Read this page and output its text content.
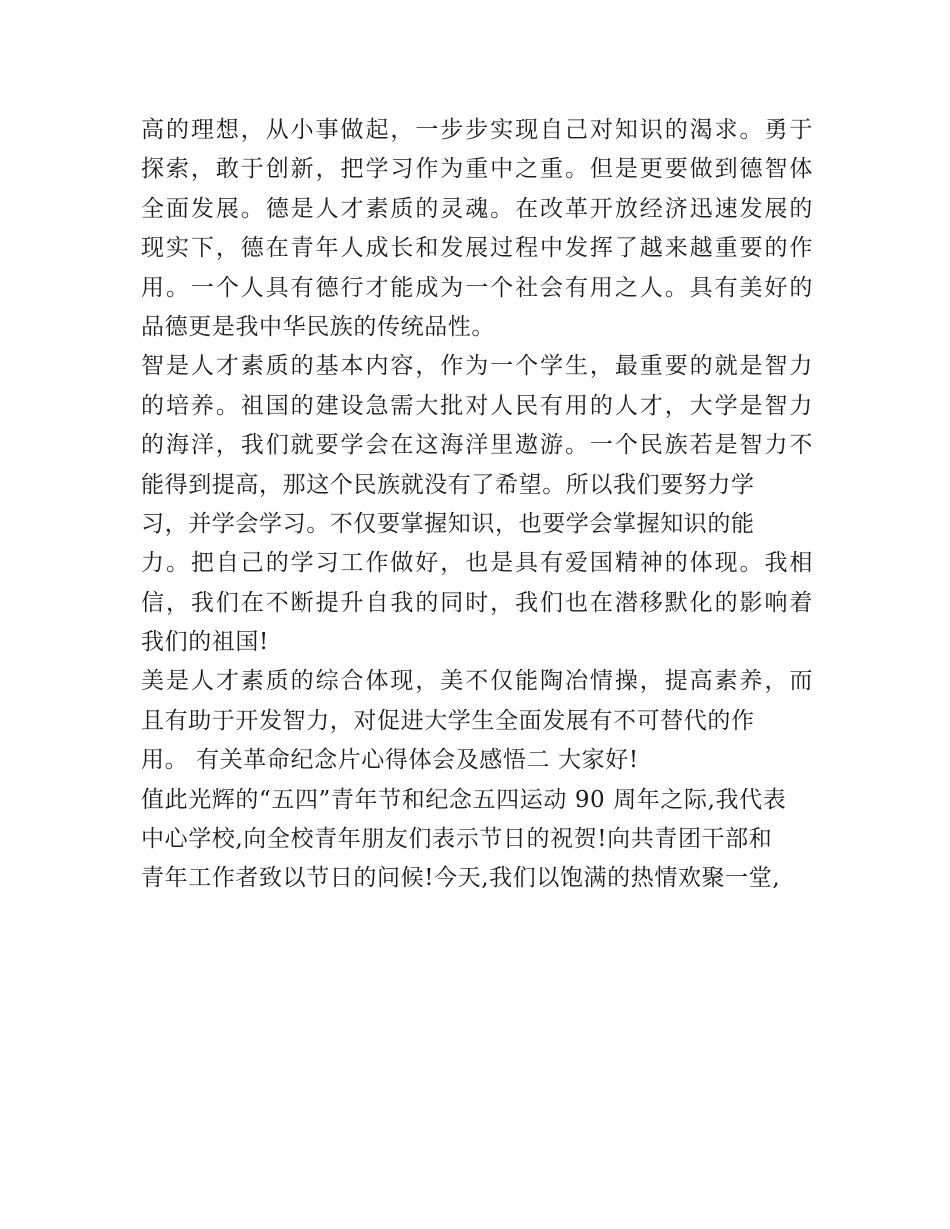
高的理想，从小事做起，一步步实现自己对知识的渴求。勇于
探索，敢于创新，把学习作为重中之重。但是更要做到德智体
全面发展。德是人才素质的灵魂。在改革开放经济迅速发展的
现实下，德在青年人成长和发展过程中发挥了越来越重要的作
用。一个人具有德行才能成为一个社会有用之人。具有美好的
品德更是我中华民族的传统品性。
智是人才素质的基本内容，作为一个学生，最重要的就是智力
的培养。祖国的建设急需大批对人民有用的人才，大学是智力
的海洋，我们就要学会在这海洋里遨游。一个民族若是智力不
能得到提高，那这个民族就没有了希望。所以我们要努力学
习，并学会学习。不仅要掌握知识，也要学会掌握知识的能
力。把自己的学习工作做好，也是具有爱国精神的体现。我相
信，我们在不断提升自我的同时，我们也在潜移默化的影响着
我们的祖国!
美是人才素质的综合体现，美不仅能陶冶情操，提高素养，而
且有助于开发智力，对促进大学生全面发展有不可替代的作
用。 有关革命纪念片心得体会及感悟二 大家好!
值此光辉的“五四”青年节和纪念五四运动 90 周年之际,我代表
中心学校,向全校青年朋友们表示节日的祝贺!向共青团干部和
青年工作者致以节日的问候!今天,我们以饱满的热情欢聚一堂,
